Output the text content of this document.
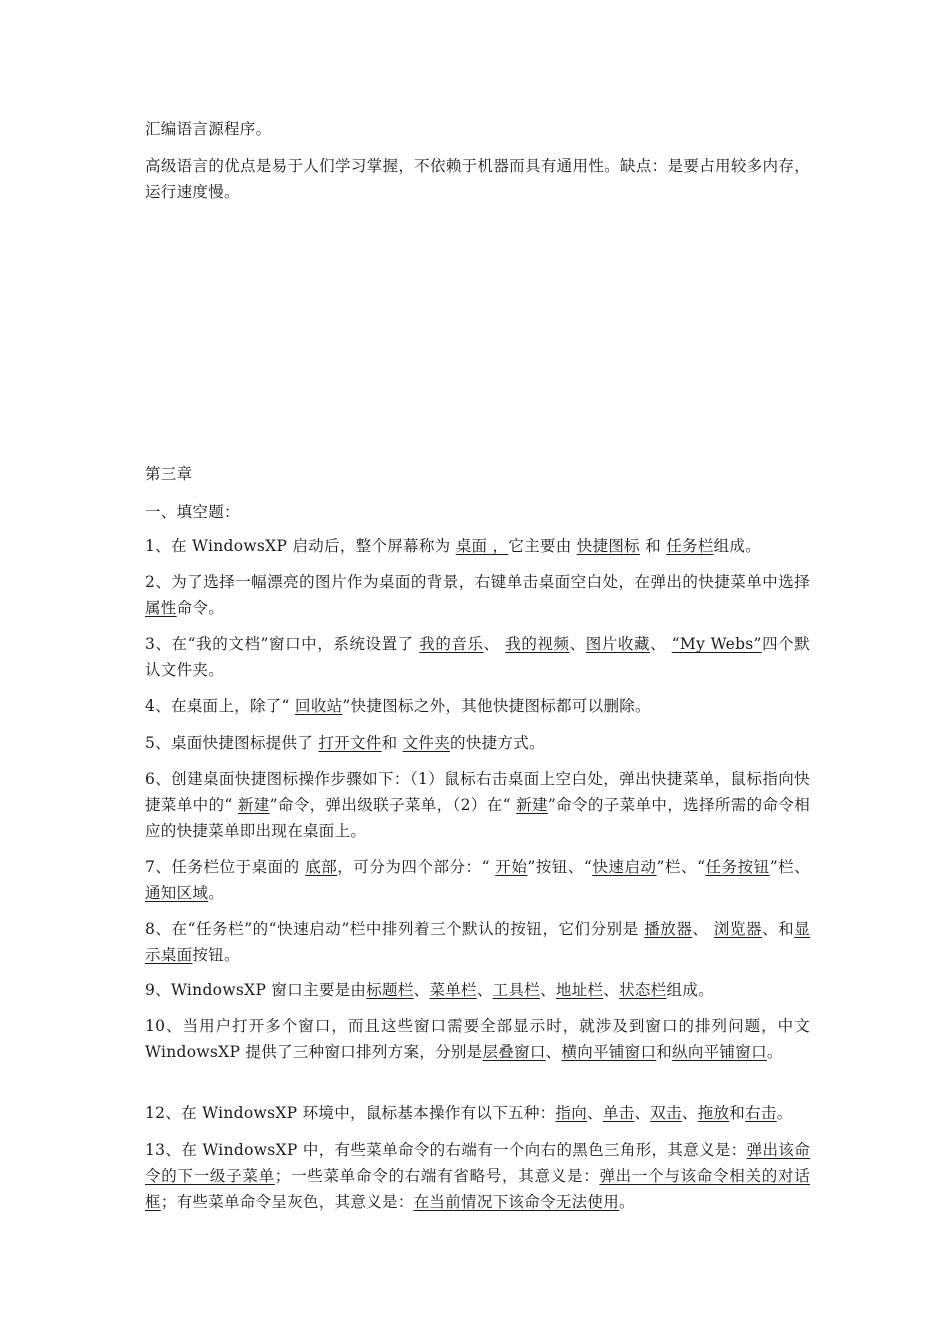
汇编语言源程序。

高级语言的优点是易于人们学习掌握，不依赖于机器而具有通用性。缺点：是要占用较多内存，运行速度慢。

第三章

一、填空题：

1、在 WindowsXP 启动后，整个屏幕称为 桌面 ，它主要由 快捷图标 和 任务栏组成。

2、为了选择一幅漂亮的图片作为桌面的背景，右键单击桌面空白处，在弹出的快捷菜单中选择 属性命令。

3、在“我的文档”窗口中，系统设置了 我的音乐、 我的视频、图片收藏、 “My Webs”四个默认文件夹。

4、在桌面上，除了“ 回收站”快捷图标之外，其他快捷图标都可以删除。

5、桌面快捷图标提供了 打开文件和 文件夹的快捷方式。

6、创建桌面快捷图标操作步骤如下：（1）鼠标右击桌面上空白处，弹出快捷菜单，鼠标指向快捷菜单中的“ 新建”命令，弹出级联子菜单，（2）在“ 新建”命令的子菜单中，选择所需的命令相应的快捷菜单即出现在桌面上。

7、任务栏位于桌面的 底部，可分为四个部分：“ 开始”按钮、“快速启动”栏、“任务按钮”栏、通知区域。

8、在“任务栏”的“快速启动”栏中排列着三个默认的按钮，它们分别是 播放器、 浏览器、和显示桌面按钮。

9、WindowsXP 窗口主要是由标题栏、菜单栏、工具栏、地址栏、状态栏组成。

10、当用户打开多个窗口，而且这些窗口需要全部显示时，就涉及到窗口的排列问题，中文 WindowsXP 提供了三种窗口排列方案，分别是层叠窗口、横向平铺窗口和纵向平铺窗口。

12、在 WindowsXP 环境中，鼠标基本操作有以下五种：指向、单击、双击、拖放和右击。

13、在 WindowsXP 中，有些菜单命令的右端有一个向右的黑色三角形，其意义是：弹出该命令的下一级子菜单；一些菜单命令的右端有省略号，其意义是：弹出一个与该命令相关的对话框；有些菜单命令呈灰色，其意义是：在当前情况下该命令无法使用。
